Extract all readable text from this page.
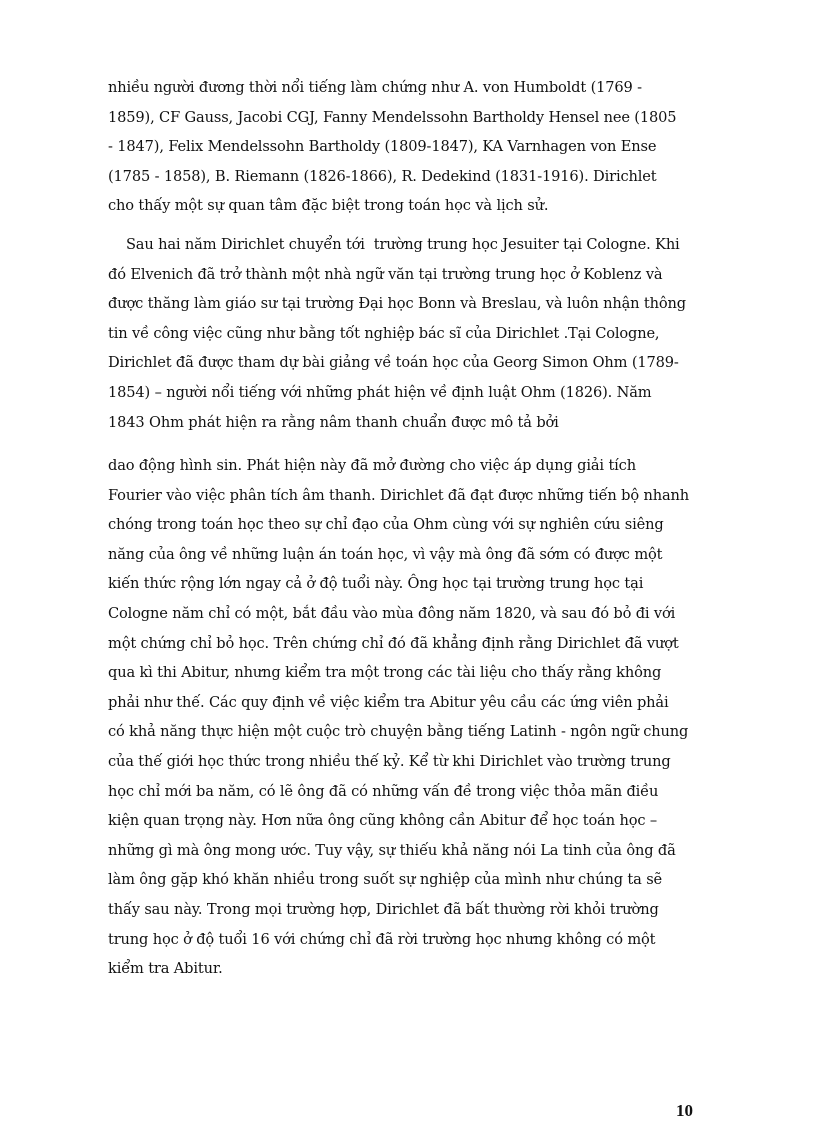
nhiều người đương thời nổi tiếng làm chứng như A. von Humboldt (1769 -
1859), CF Gauss, Jacobi CGJ, Fanny Mendelssohn Bartholdy Hensel nee (1805
- 1847), Felix Mendelssohn Bartholdy (1809-1847), KA Varnhagen von Ense
(1785 - 1858), B. Riemann (1826-1866), R. Dedekind (1831-1916). Dirichlet
cho thấy một sự quan tâm đặc biệt trong toán học và lịch sử.
Sau hai năm Dirichlet chuyển tới  trường trung học Jesuiter tại Cologne. Khi
đó Elvenich đã trở thành một nhà ngữ văn tại trường trung học ở Koblenz và
được thăng làm giáo sư tại trường Đại học Bonn và Breslau, và luôn nhận thông
tin về công việc cũng như bằng tốt nghiệp bác sĩ của Dirichlet .Tại Cologne,
Dirichlet đã được tham dự bài giảng về toán học của Georg Simon Ohm (1789-
1854) – người nổi tiếng với những phát hiện về định luật Ohm (1826). Năm
1843 Ohm phát hiện ra rằng nâm thanh chuẩn được mô tả bởi
dao động hình sin. Phát hiện này đã mở đường cho việc áp dụng giải tích
Fourier vào việc phân tích âm thanh. Dirichlet đã đạt được những tiến bộ nhanh
chóng trong toán học theo sự chỉ đạo của Ohm cùng với sự nghiên cứu siêng
năng của ông về những luận án toán học, vì vậy mà ông đã sớm có được một
kiến thức rộng lớn ngay cả ở độ tuổi này. Ông học tại trường trung học tại
Cologne năm chỉ có một, bắt đầu vào mùa đông năm 1820, và sau đó bỏ đi với
một chứng chỉ bỏ học. Trên chứng chỉ đó đã khẳng định rằng Dirichlet đã vượt
qua kì thi Abitur, nhưng kiểm tra một trong các tài liệu cho thấy rằng không
phải như thế. Các quy định về việc kiểm tra Abitur yêu cầu các ứng viên phải
có khả năng thực hiện một cuộc trò chuyện bằng tiếng Latinh - ngôn ngữ chung
của thế giới học thức trong nhiều thế kỷ. Kể từ khi Dirichlet vào trường trung
học chỉ mới ba năm, có lẽ ông đã có những vấn đề trong việc thỏa mãn điều
kiện quan trọng này. Hơn nữa ông cũng không cần Abitur để học toán học –
những gì mà ông mong ước. Tuy vậy, sự thiếu khả năng nói La tinh của ông đã
làm ông gặp khó khăn nhiều trong suốt sự nghiệp của mình như chúng ta sẽ
thấy sau này. Trong mọi trường hợp, Dirichlet đã bất thường rời khỏi trường
trung học ở độ tuổi 16 với chứng chỉ đã rời trường học nhưng không có một
kiểm tra Abitur.
10
